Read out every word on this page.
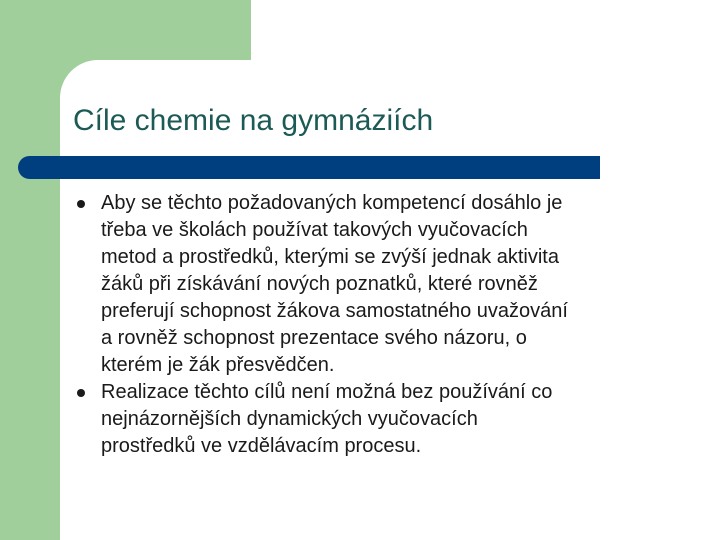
Cíle chemie na gymnáziích
Aby se těchto požadovaných kompetencí dosáhlo je
třeba ve školách používat takových vyučovacích
metod a prostředků, kterými se zvýší jednak aktivita
žáků při získávání nových poznatků, které rovněž
preferují schopnost žákova samostatného uvažování
a rovněž schopnost prezentace svého názoru, o
kterém je žák přesvědčen.
Realizace těchto cílů není možná bez používání co
nejnázornějších dynamických vyučovacích
prostředků ve vzdělávacím procesu.
